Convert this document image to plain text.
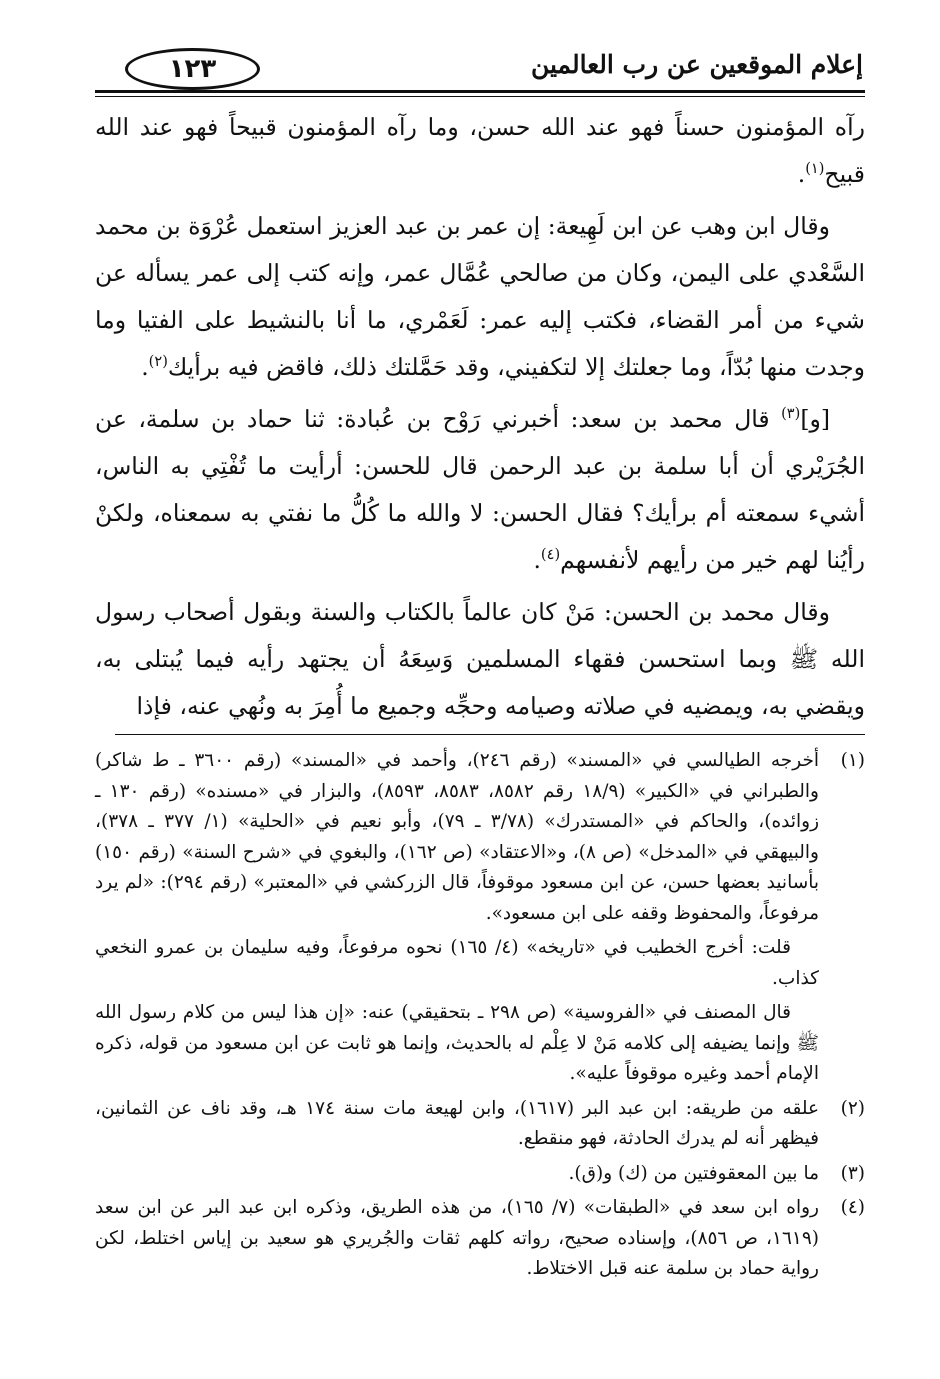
إعلام الموقعين عن رب العالمين
١٢٣

رآه المؤمنون حسناً فهو عند الله حسن، وما رآه المؤمنون قبيحاً فهو عند الله قبيح$^{(١)}$.

وقال ابن وهب عن ابن لَهِيعة: إن عمر بن عبد العزيز استعمل عُرْوَة بن محمد السَّعْدي على اليمن، وكان من صالحي عُمَّال عمر، وإنه كتب إلى عمر يسأله عن شيء من أمر القضاء، فكتب إليه عمر: لَعَمْري، ما أنا بالنشيط على الفتيا وما وجدت منها بُدّاً، وما جعلتك إلا لتكفيني، وقد حَمَّلتك ذلك، فاقض فيه برأيك$^{(٢)}$.

[و]$^{(٣)}$ قال محمد بن سعد: أخبرني رَوْح بن عُبادة: ثنا حماد بن سلمة، عن الجُرَيْري أن أبا سلمة بن عبد الرحمن قال للحسن: أرأيت ما تُفْتِي به الناس، أشيء سمعته أم برأيك؟ فقال الحسن: لا والله ما كُلُّ ما نفتي به سمعناه، ولكنْ رأيُنا لهم خير من رأيهم لأنفسهم$^{(٤)}$.

وقال محمد بن الحسن: مَنْ كان عالماً بالكتاب والسنة وبقول أصحاب رسول الله ﷺ وبما استحسن فقهاء المسلمين وَسِعَهُ أن يجتهد رأيه فيما يُبتلى به، ويقضي به، ويمضيه في صلاته وصيامه وحجِّه وجميع ما أُمِرَ به ونُهي عنه، فإذا

(١)

أخرجه الطيالسي في «المسند» (رقم ٢٤٦)، وأحمد في «المسند» (رقم ٣٦٠٠ ـ ط شاكر) والطبراني في «الكبير» (١٨/٩ رقم ٨٥٨٢، ٨٥٨٣، ٨٥٩٣)، والبزار في «مسنده» (رقم ١٣٠ ـ زوائده)، والحاكم في «المستدرك» (٣/٧٨ ـ ٧٩)، وأبو نعيم في «الحلية» (١/ ٣٧٧ ـ ٣٧٨)، والبيهقي في «المدخل» (ص ٨)، و«الاعتقاد» (ص ١٦٢)، والبغوي في «شرح السنة» (رقم ١٥٠) بأسانيد بعضها حسن، عن ابن مسعود موقوفاً، قال الزركشي في «المعتبر» (رقم ٢٩٤): «لم يرد مرفوعاً، والمحفوظ وقفه على ابن مسعود».

قلت: أخرج الخطيب في «تاريخه» (٤/ ١٦٥) نحوه مرفوعاً، وفيه سليمان بن عمرو النخعي كذاب.

قال المصنف في «الفروسية» (ص ٢٩٨ ـ بتحقيقي) عنه: «إن هذا ليس من كلام رسول الله ﷺ وإنما يضيفه إلى كلامه مَنْ لا عِلْم له بالحديث، وإنما هو ثابت عن ابن مسعود من قوله، ذكره الإمام أحمد وغيره موقوفاً عليه».

(٢)

علقه من طريقه: ابن عبد البر (١٦١٧)، وابن لهيعة مات سنة ١٧٤ هـ، وقد ناف عن الثمانين، فيظهر أنه لم يدرك الحادثة، فهو منقطع.

(٣)

ما بين المعقوفتين من (ك) و(ق).

(٤)

رواه ابن سعد في «الطبقات» (٧/ ١٦٥)، من هذه الطريق، وذكره ابن عبد البر عن ابن سعد (١٦١٩، ص ٨٥٦)، وإسناده صحيح، رواته كلهم ثقات والجُريري هو سعيد بن إياس اختلط، لكن رواية حماد بن سلمة عنه قبل الاختلاط.
